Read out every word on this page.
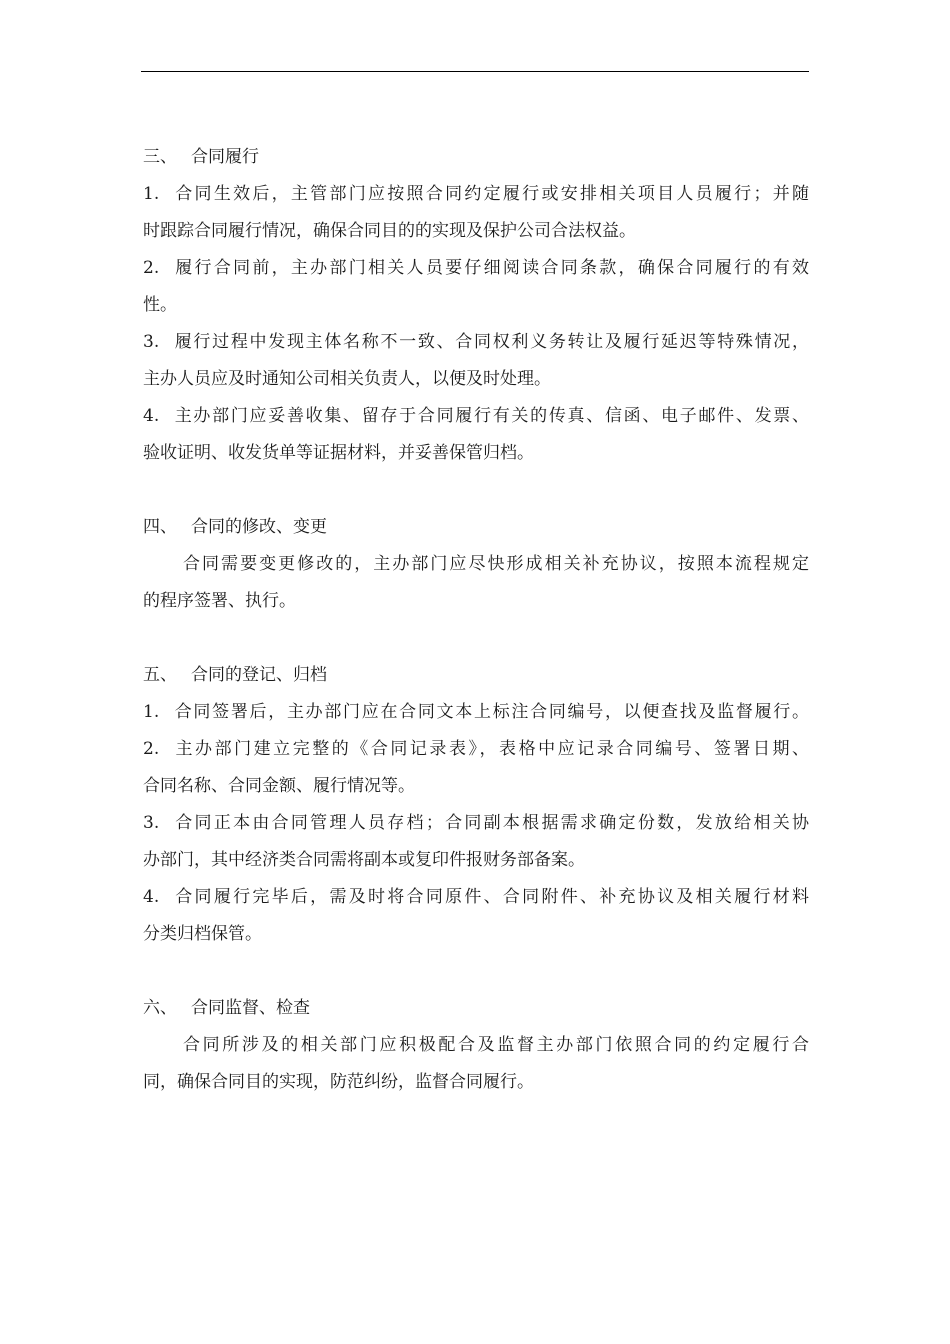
三、 合同履行

1. 合同生效后，主管部门应按照合同约定履行或安排相关项目人员履行；并随

时跟踪合同履行情况，确保合同目的的实现及保护公司合法权益。

2. 履行合同前，主办部门相关人员要仔细阅读合同条款，确保合同履行的有效

性。

3. 履行过程中发现主体名称不一致、合同权利义务转让及履行延迟等特殊情况，

主办人员应及时通知公司相关负责人，以便及时处理。

4. 主办部门应妥善收集、留存于合同履行有关的传真、信函、电子邮件、发票、

验收证明、收发货单等证据材料，并妥善保管归档。

四、 合同的修改、变更

合同需要变更修改的，主办部门应尽快形成相关补充协议，按照本流程规定

的程序签署、执行。

五、 合同的登记、归档

1. 合同签署后，主办部门应在合同文本上标注合同编号，以便查找及监督履行。

2. 主办部门建立完整的《合同记录表》，表格中应记录合同编号、签署日期、

合同名称、合同金额、履行情况等。

3. 合同正本由合同管理人员存档；合同副本根据需求确定份数，发放给相关协

办部门，其中经济类合同需将副本或复印件报财务部备案。

4. 合同履行完毕后，需及时将合同原件、合同附件、补充协议及相关履行材料

分类归档保管。

六、 合同监督、检查

合同所涉及的相关部门应积极配合及监督主办部门依照合同的约定履行合

同，确保合同目的实现，防范纠纷，监督合同履行。
